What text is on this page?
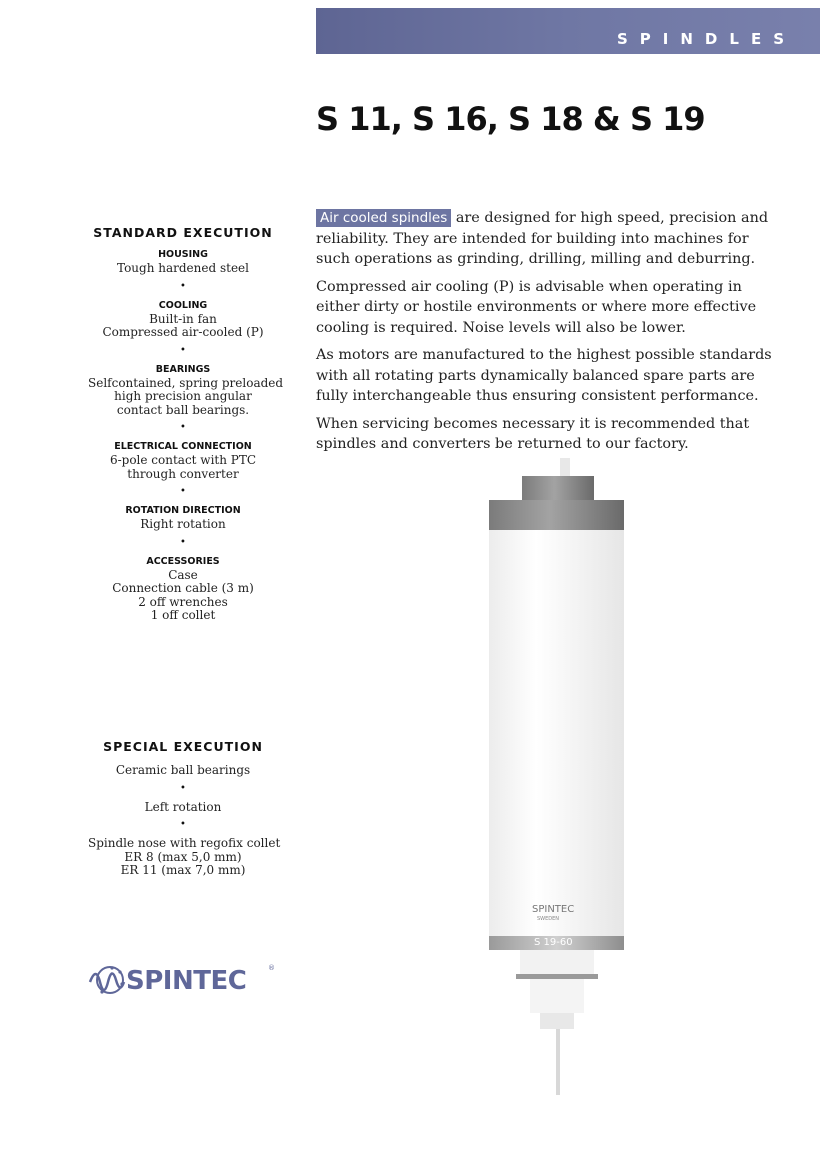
SPINDLES
S 11, S 16, S 18 & S 19
STANDARD EXECUTION
HOUSING
Tough hardened steel
•
COOLING
Built-in fan
Compressed air-cooled (P)
•
BEARINGS
Selfcontained, spring preloaded
high precision angular
contact ball bearings.
•
ELECTRICAL CONNECTION
6-pole contact with PTC
through converter
•
ROTATION DIRECTION
Right rotation
•
ACCESSORIES
Case
Connection cable (3 m)
2 off wrenches
1 off collet
SPECIAL EXECUTION
Ceramic ball bearings
•
Left rotation
•
Spindle nose with regofix collet
ER 8 (max 5,0 mm)
ER 11 (max 7,0 mm)
SPINTEC	®

Air cooled spindles are designed for high speed, precision and reliability. They are intended for building into machines for such operations as grinding, drilling, milling and deburring.

Compressed air cooling (P) is advisable when operating in either dirty or hostile environments or where more effective cooling is required. Noise levels will also be lower.

As motors are manufactured to the highest possible standards with all rotating parts dynamically balanced spare parts are fully interchangeable thus ensuring consistent performance.

When servicing becomes necessary it is recommended that spindles and converters be returned to our factory.

SPINTEC
SWEDEN
S 19-60
